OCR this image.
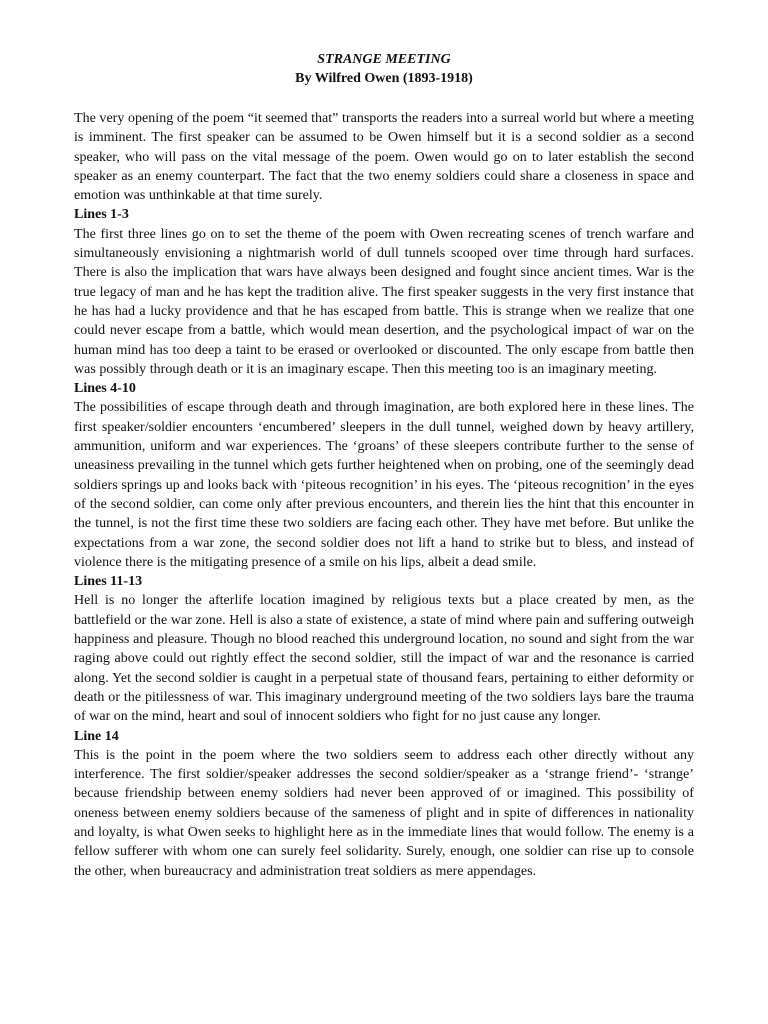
STRANGE MEETING

By Wilfred Owen (1893-1918)

The very opening of the poem “it seemed that” transports the readers into a surreal world but where a meeting is imminent. The first speaker can be assumed to be Owen himself but it is a second soldier as a second speaker, who will pass on the vital message of the poem. Owen would go on to later establish the second speaker as an enemy counterpart. The fact that the two enemy soldiers could share a closeness in space and emotion was unthinkable at that time surely.

Lines 1-3

The first three lines go on to set the theme of the poem with Owen recreating scenes of trench warfare and simultaneously envisioning a nightmarish world of dull tunnels scooped over time through hard surfaces. There is also the implication that wars have always been designed and fought since ancient times. War is the true legacy of man and he has kept the tradition alive. The first speaker suggests in the very first instance that he has had a lucky providence and that he has escaped from battle. This is strange when we realize that one could never escape from a battle, which would mean desertion, and the psychological impact of war on the human mind has too deep a taint to be erased or overlooked or discounted. The only escape from battle then was possibly through death or it is an imaginary escape. Then this meeting too is an imaginary meeting.

Lines 4-10

The possibilities of escape through death and through imagination, are both explored here in these lines. The first speaker/soldier encounters ‘encumbered’ sleepers in the dull tunnel, weighed down by heavy artillery, ammunition, uniform and war experiences. The ‘groans’ of these sleepers contribute further to the sense of uneasiness prevailing in the tunnel which gets further heightened when on probing, one of the seemingly dead soldiers springs up and looks back with ‘piteous recognition’ in his eyes. The ‘piteous recognition’ in the eyes of the second soldier, can come only after previous encounters, and therein lies the hint that this encounter in the tunnel, is not the first time these two soldiers are facing each other. They have met before. But unlike the expectations from a war zone, the second soldier does not lift a hand to strike but to bless, and instead of violence there is the mitigating presence of a smile on his lips, albeit a dead smile.

Lines 11-13

Hell is no longer the afterlife location imagined by religious texts but a place created by men, as the battlefield or the war zone. Hell is also a state of existence, a state of mind where pain and suffering outweigh happiness and pleasure. Though no blood reached this underground location, no sound and sight from the war raging above could out rightly effect the second soldier, still the impact of war and the resonance is carried along. Yet the second soldier is caught in a perpetual state of thousand fears, pertaining to either deformity or death or the pitilessness of war. This imaginary underground meeting of the two soldiers lays bare the trauma of war on the mind, heart and soul of innocent soldiers who fight for no just cause any longer.

Line 14

This is the point in the poem where the two soldiers seem to address each other directly without any interference. The first soldier/speaker addresses the second soldier/speaker as a ‘strange friend’- ‘strange’ because friendship between enemy soldiers had never been approved of or imagined. This possibility of oneness between enemy soldiers because of the sameness of plight and in spite of differences in nationality and loyalty, is what Owen seeks to highlight here as in the immediate lines that would follow. The enemy is a fellow sufferer with whom one can surely feel solidarity. Surely, enough, one soldier can rise up to console the other, when bureaucracy and administration treat soldiers as mere appendages.
